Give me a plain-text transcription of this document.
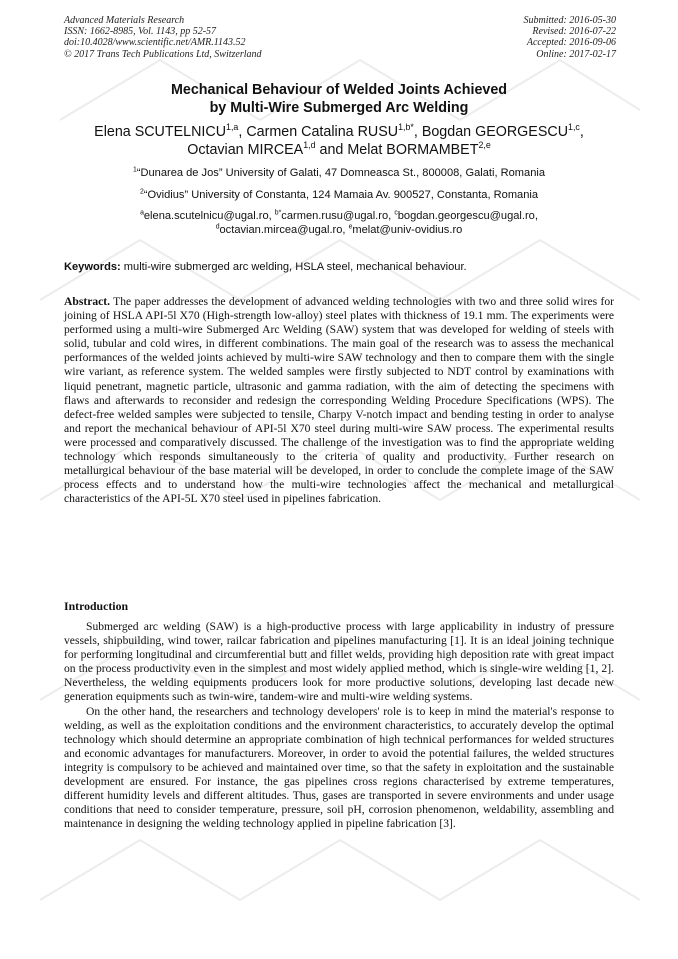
Advanced Materials Research
ISSN: 1662-8985, Vol. 1143, pp 52-57
doi:10.4028/www.scientific.net/AMR.1143.52
© 2017 Trans Tech Publications Ltd, Switzerland
Submitted: 2016-05-30
Revised: 2016-07-22
Accepted: 2016-09-06
Online: 2017-02-17
Mechanical Behaviour of Welded Joints Achieved
by Multi-Wire Submerged Arc Welding
Elena SCUTELNICU$^{1,a}$, Carmen Catalina $RUSU^{1,b*}$, Bogdan GEORGESCU$^{1,c}$,
Octavian MIRCEA$^{1,d}$ and Melat BORMAMBET$^{2,e}$
$^1$“Dunarea de Jos” University of Galati, 47 Domneasca St., 800008, Galati, Romania
$^2$“Ovidius” University of Constanta, 124 Mamaia Av. 900527, Constanta, Romania
$^a$elena.scutelnicu@ugal.ro, $^{b*}$carmen.rusu@ugal.ro, $^c$bogdan.georgescu@ugal.ro,
$^d$octavian.mircea@ugal.ro, $^e$melat@univ-ovidius.ro
Keywords: multi-wire submerged arc welding, HSLA steel, mechanical behaviour.

Abstract. The paper addresses the development of advanced welding technologies with two and three solid wires for joining of HSLA API-5l X70 (High-strength low-alloy) steel plates with thickness of 19.1 mm. The experiments were performed using a multi-wire Submerged Arc Welding (SAW) system that was developed for welding of steels with solid, tubular and cold wires, in different combinations. The main goal of the research was to assess the mechanical performances of the welded joints achieved by multi-wire SAW technology and then to compare them with the single wire variant, as reference system. The welded samples were firstly subjected to NDT control by examinations with liquid penetrant, magnetic particle, ultrasonic and gamma radiation, with the aim of detecting the specimens with flaws and afterwards to reconsider and redesign the corresponding Welding Procedure Specifications (WPS). The defect-free welded samples were subjected to tensile, Charpy V-notch impact and bending testing in order to analyse and report the mechanical behaviour of API-5l X70 steel during multi-wire SAW process. The experimental results were processed and comparatively discussed. The challenge of the investigation was to find the appropriate welding technology which responds simultaneously to the criteria of quality and productivity. Further research on metallurgical behaviour of the base material will be developed, in order to conclude the complete image of the SAW process effects and to understand how the multi-wire technologies affect the mechanical and metallurgical characteristics of the API-5L X70 steel used in pipelines fabrication.

Introduction

Submerged arc welding (SAW) is a high-productive process with large applicability in industry of pressure vessels, shipbuilding, wind tower, railcar fabrication and pipelines manufacturing [1]. It is an ideal joining technique for performing longitudinal and circumferential butt and fillet welds, providing high deposition rate with great impact on the process productivity even in the simplest and most widely applied method, which is single-wire welding [1, 2]. Nevertheless, the welding equipments producers look for more productive solutions, developing last decade new generation equipments such as twin-wire, tandem-wire and multi-wire welding systems.

On the other hand, the researchers and technology developers' role is to keep in mind the material's response to welding, as well as the exploitation conditions and the environment characteristics, to accurately develop the optimal technology which should determine an appropriate combination of high technical performances for welded structures and economic advantages for manufacturers. Moreover, in order to avoid the potential failures, the welded structures integrity is compulsory to be achieved and maintained over time, so that the safety in exploitation and the sustainable development are ensured. For instance, the gas pipelines cross regions characterised by extreme temperatures, different humidity levels and different altitudes. Thus, gases are transported in severe environments and under usage conditions that need to consider temperature, pressure, soil pH, corrosion phenomenon, weldability, assembling and maintenance in designing the welding technology applied in pipeline fabrication [3].
